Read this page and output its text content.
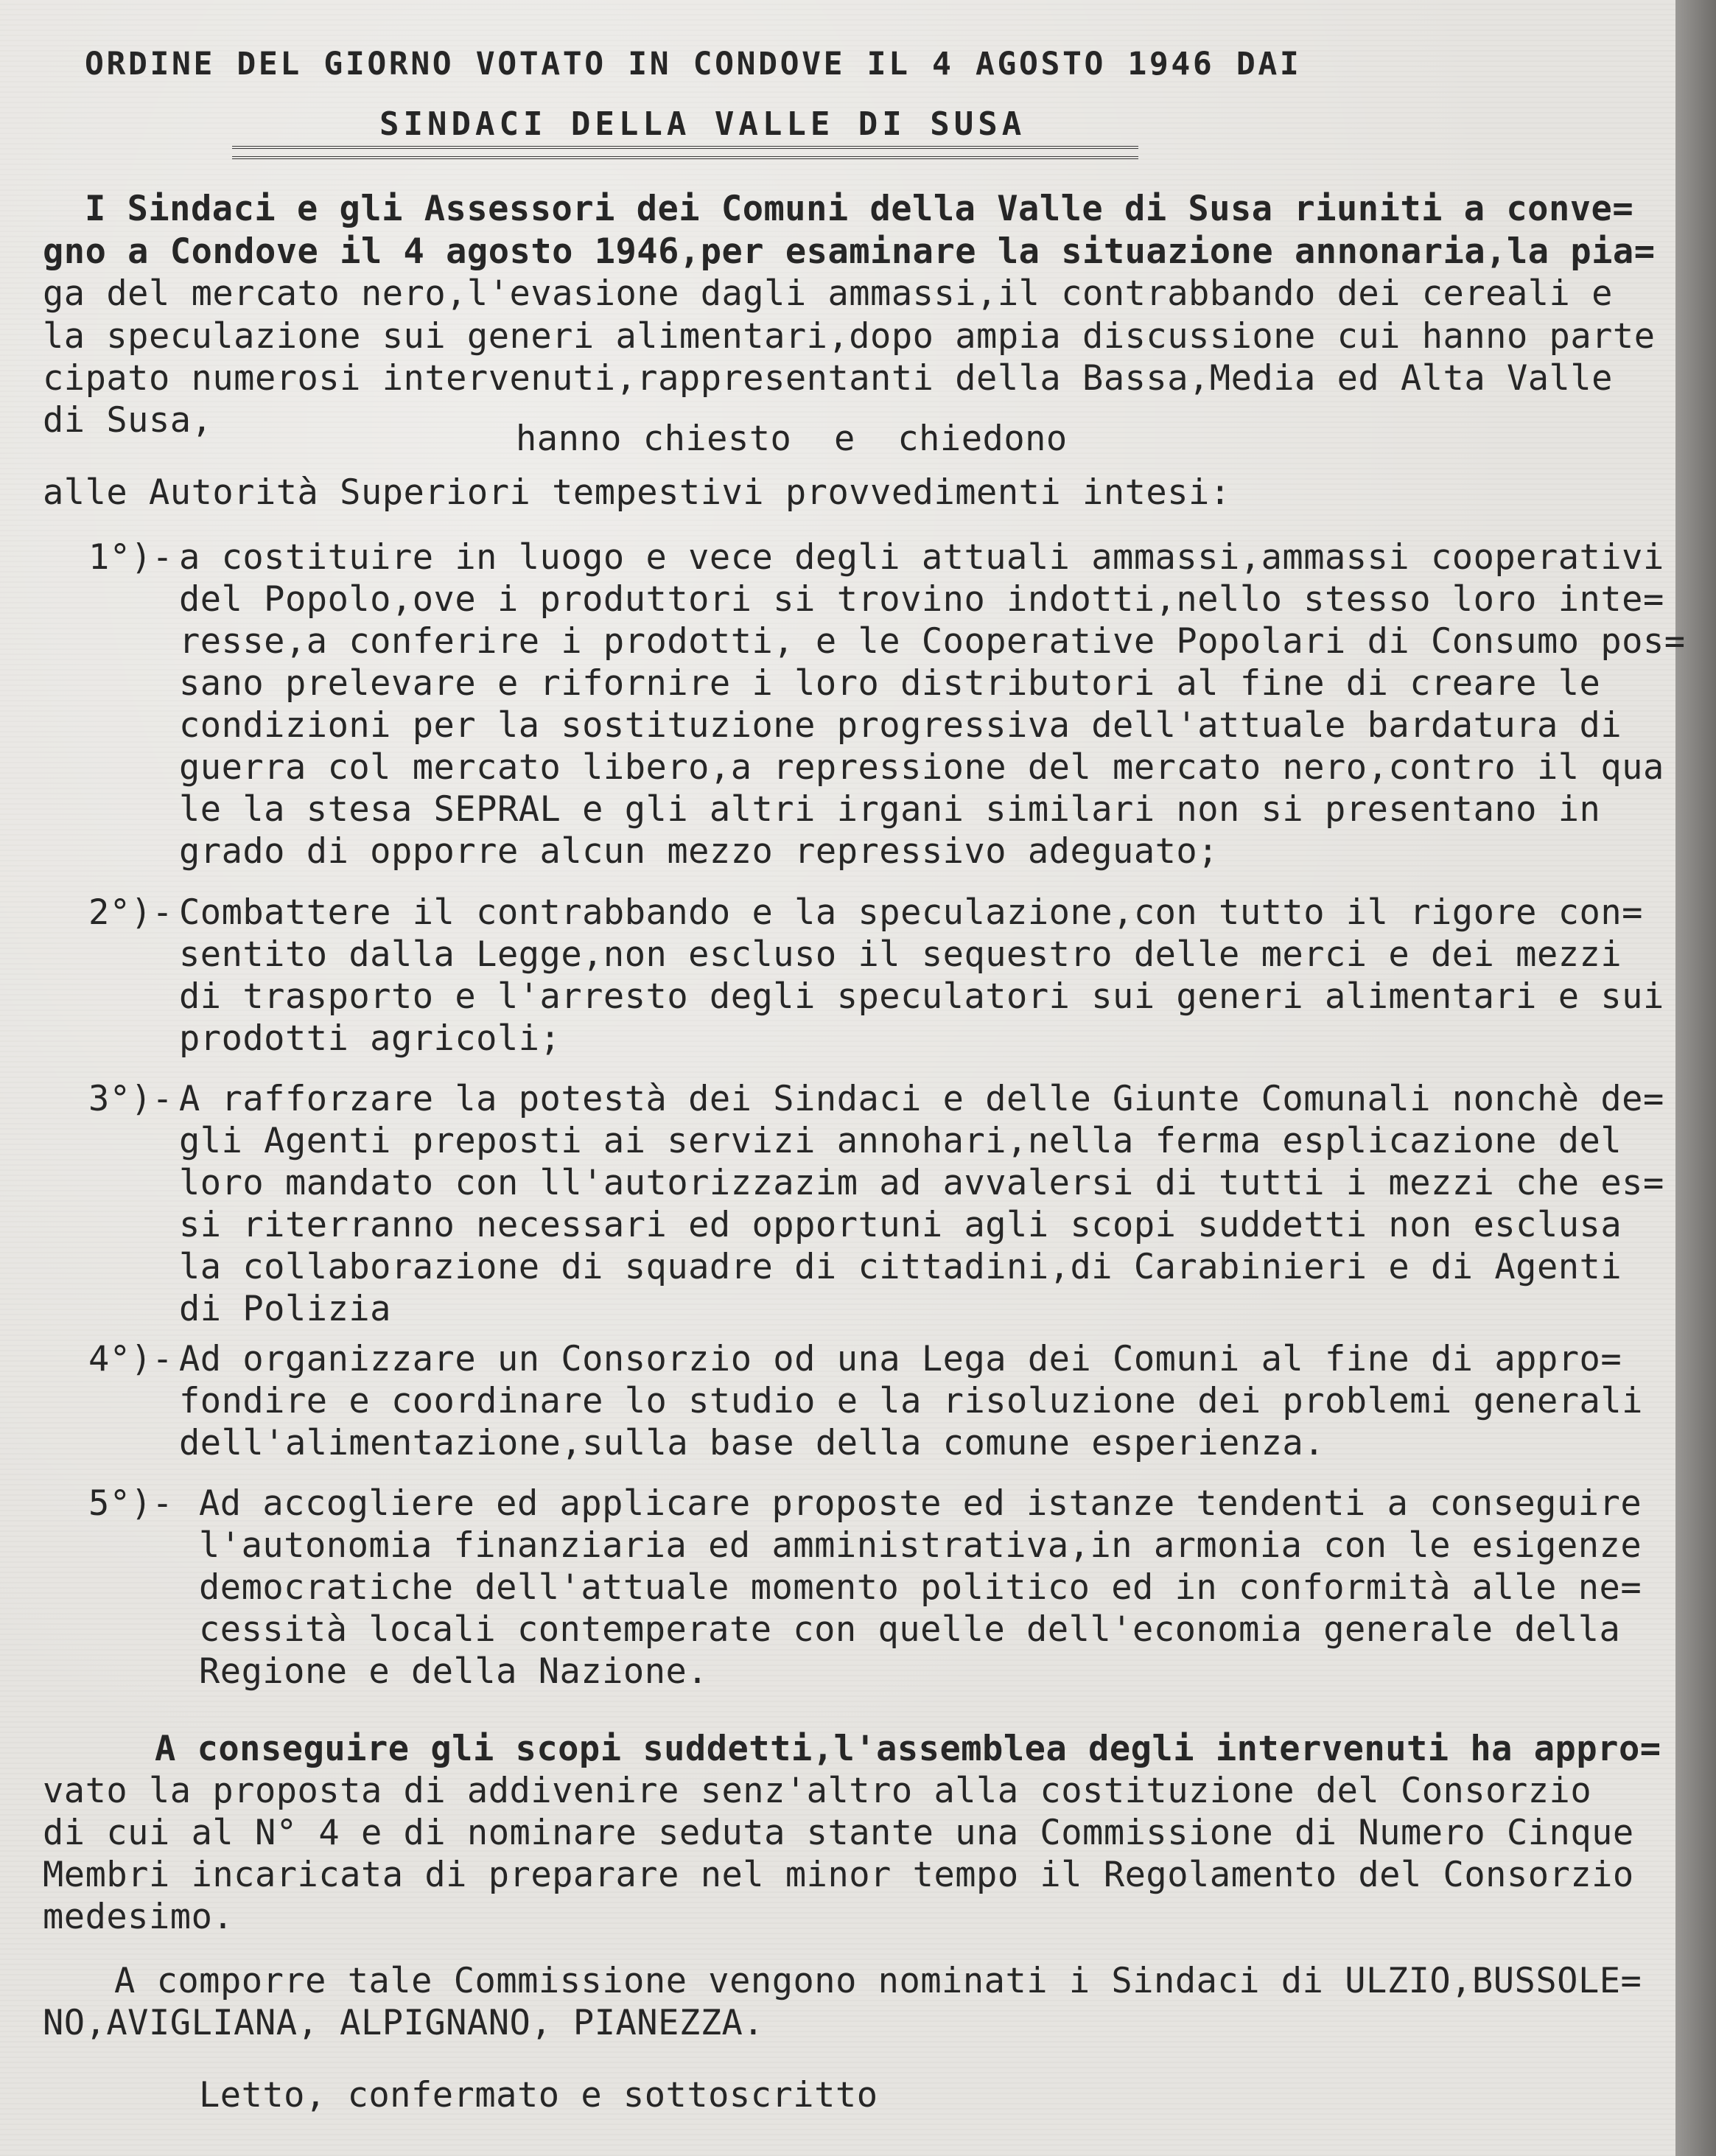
ORDINE DEL GIORNO VOTATO IN CONDOVE IL 4 AGOSTO 1946 DAI
SINDACI DELLA VALLE DI SUSA
I Sindaci e gli Assessori dei Comuni della Valle di Susa riuniti a conve=
gno a Condove il 4 agosto 1946,per esaminare la situazione annonaria,la pia=
ga del mercato nero,l'evasione dagli ammassi,il contrabbando dei cereali e
la speculazione sui generi alimentari,dopo ampia discussione cui hanno parte
cipato numerosi intervenuti,rappresentanti della Bassa,Media ed Alta Valle
di Susa,	hanno chiesto  e  chiedono
alle Autorità Superiori tempestivi provvedimenti intesi:
1°)- a costituire in luogo e vece degli attuali ammassi,ammassi cooperativi
del Popolo,ove i produttori si trovino indotti,nello stesso loro inte=
resse,a conferire i prodotti, e le Cooperative Popolari di Consumo pos=
sano prelevare e rifornire i loro distributori al fine di creare le
condizioni per la sostituzione progressiva dell'attuale bardatura di
guerra col mercato libero,a repressione del mercato nero,contro il qua
le la stesa SEPRAL e gli altri irgani similari non si presentano in
grado di opporre alcun mezzo repressivo adeguato;
2°)- Combattere il contrabbando e la speculazione,con tutto il rigore con=
sentito dalla Legge,non escluso il sequestro delle merci e dei mezzi
di trasporto e l'arresto degli speculatori sui generi alimentari e sui
prodotti agricoli;
3°)- A rafforzare la potestà dei Sindaci e delle Giunte Comunali nonchè de=
gli Agenti preposti ai servizi annohari,nella ferma esplicazione del
loro mandato con ll'autorizzazim ad avvalersi di tutti i mezzi che es=
si riterranno necessari ed opportuni agli scopi suddetti non esclusa
la collaborazione di squadre di cittadini,di Carabinieri e di Agenti
di Polizia
4°)- Ad organizzare un Consorzio od una Lega dei Comuni al fine di appro=
fondire e coordinare lo studio e la risoluzione dei problemi generali
dell'alimentazione,sulla base della comune esperienza.
5°)- Ad accogliere ed applicare proposte ed istanze tendenti a conseguire
l'autonomia finanziaria ed amministrativa,in armonia con le esigenze
democratiche dell'attuale momento politico ed in conformità alle ne=
cessità locali contemperate con quelle dell'economia generale della
Regione e della Nazione.
A conseguire gli scopi suddetti,l'assemblea degli intervenuti ha appro=
vato la proposta di addivenire senz'altro alla costituzione del Consorzio
di cui al N° 4 e di nominare seduta stante una Commissione di Numero Cinque
Membri incaricata di preparare nel minor tempo il Regolamento del Consorzio
medesimo.
A comporre tale Commissione vengono nominati i Sindaci di ULZIO,BUSSOLE=
NO,AVIGLIANA, ALPIGNANO, PIANEZZA.
Letto, confermato e sottoscritto
